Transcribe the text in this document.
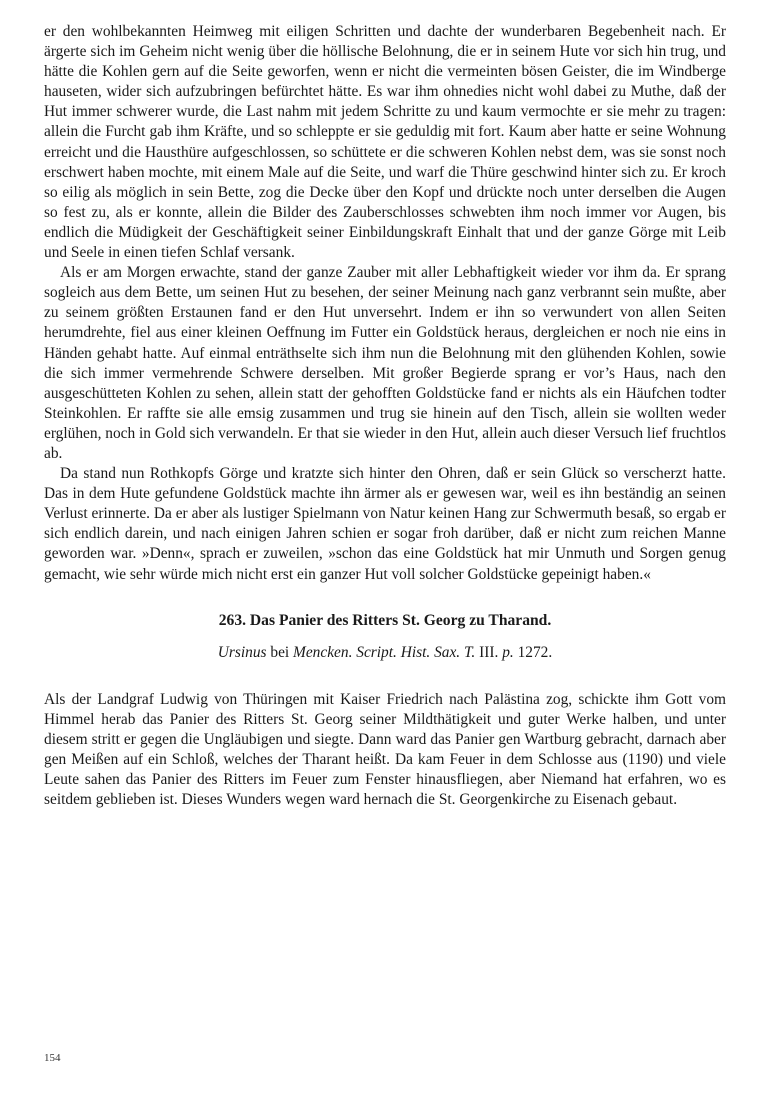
er den wohlbekannten Heimweg mit eiligen Schritten und dachte der wunderbaren Begebenheit nach. Er ärgerte sich im Geheim nicht wenig über die höllische Belohnung, die er in seinem Hute vor sich hin trug, und hätte die Kohlen gern auf die Seite geworfen, wenn er nicht die vermeinten bösen Geister, die im Windberge hauseten, wider sich aufzubringen befürchtet hätte. Es war ihm ohnedies nicht wohl dabei zu Muthe, daß der Hut immer schwerer wurde, die Last nahm mit jedem Schritte zu und kaum vermochte er sie mehr zu tragen: allein die Furcht gab ihm Kräfte, und so schleppte er sie geduldig mit fort. Kaum aber hatte er seine Wohnung erreicht und die Hausthüre aufgeschlossen, so schüttete er die schweren Kohlen nebst dem, was sie sonst noch erschwert haben mochte, mit einem Male auf die Seite, und warf die Thüre geschwind hinter sich zu. Er kroch so eilig als möglich in sein Bette, zog die Decke über den Kopf und drückte noch unter derselben die Augen so fest zu, als er konnte, allein die Bilder des Zauberschlosses schwebten ihm noch immer vor Augen, bis endlich die Müdigkeit der Geschäftigkeit seiner Einbildungskraft Einhalt that und der ganze Görge mit Leib und Seele in einen tiefen Schlaf versank.

Als er am Morgen erwachte, stand der ganze Zauber mit aller Lebhaftigkeit wieder vor ihm da. Er sprang sogleich aus dem Bette, um seinen Hut zu besehen, der seiner Meinung nach ganz verbrannt sein mußte, aber zu seinem größten Erstaunen fand er den Hut unversehrt. Indem er ihn so verwundert von allen Seiten herumdrehte, fiel aus einer kleinen Oeffnung im Futter ein Goldstück heraus, dergleichen er noch nie eins in Händen gehabt hatte. Auf einmal enträthselte sich ihm nun die Belohnung mit den glühenden Kohlen, sowie die sich immer vermehrende Schwere derselben. Mit großer Begierde sprang er vor’s Haus, nach den ausgeschütteten Kohlen zu sehen, allein statt der gehofften Goldstücke fand er nichts als ein Häufchen todter Steinkohlen. Er raffte sie alle emsig zusammen und trug sie hinein auf den Tisch, allein sie wollten weder erglühen, noch in Gold sich verwandeln. Er that sie wieder in den Hut, allein auch dieser Versuch lief fruchtlos ab.

Da stand nun Rothkopfs Görge und kratzte sich hinter den Ohren, daß er sein Glück so verscherzt hatte. Das in dem Hute gefundene Goldstück machte ihn ärmer als er gewesen war, weil es ihn beständig an seinen Verlust erinnerte. Da er aber als lustiger Spielmann von Natur keinen Hang zur Schwermuth besaß, so ergab er sich endlich darein, und nach einigen Jahren schien er sogar froh darüber, daß er nicht zum reichen Manne geworden war. »Denn«, sprach er zuweilen, »schon das eine Goldstück hat mir Unmuth und Sorgen genug gemacht, wie sehr würde mich nicht erst ein ganzer Hut voll solcher Goldstücke gepeinigt haben.«

263. Das Panier des Ritters St. Georg zu Tharand.
Ursinus bei Mencken. Script. Hist. Sax. T. III. p. 1272.

Als der Landgraf Ludwig von Thüringen mit Kaiser Friedrich nach Palästina zog, schickte ihm Gott vom Himmel herab das Panier des Ritters St. Georg seiner Mildthätigkeit und guter Werke halben, und unter diesem stritt er gegen die Ungläubigen und siegte. Dann ward das Panier gen Wartburg gebracht, darnach aber gen Meißen auf ein Schloß, welches der Tharant heißt. Da kam Feuer in dem Schlosse aus (1190) und viele Leute sahen das Panier des Ritters im Feuer zum Fenster hinausfliegen, aber Niemand hat erfahren, wo es seitdem geblieben ist. Dieses Wunders wegen ward hernach die St. Georgenkirche zu Eisenach gebaut.

154
